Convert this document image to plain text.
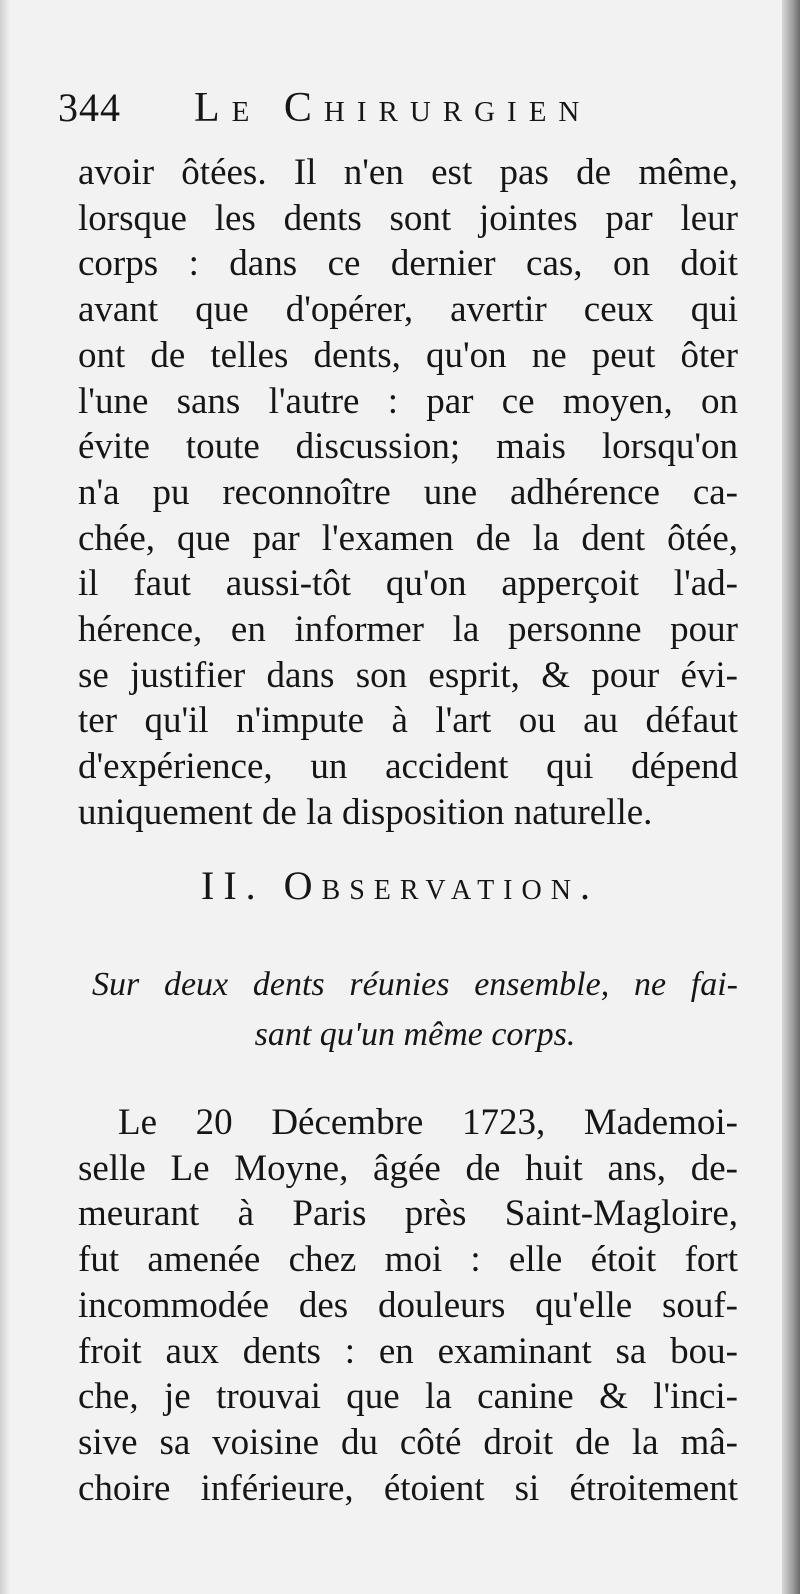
344 Le Chirurgien
avoir ôtées. Il n'en est pas de même,
lorsque les dents sont jointes par leur
corps : dans ce dernier cas, on doit
avant que d'opérer, avertir ceux qui
ont de telles dents, qu'on ne peut ôter
l'une sans l'autre : par ce moyen, on
évite toute discussion; mais lorsqu'on
n'a pu reconnoître une adhérence ca-
chée, que par l'examen de la dent ôtée,
il faut aussi-tôt qu'on apperçoit l'ad-
hérence, en informer la personne pour
se justifier dans son esprit, & pour évi-
ter qu'il n'impute à l'art ou au défaut
d'expérience, un accident qui dépend
uniquement de la disposition naturelle.
II. Observation.
Sur deux dents réunies ensemble, ne fai-
sant qu'un même corps.
Le 20 Décembre 1723, Mademoi-
selle Le Moyne, âgée de huit ans, de-
meurant à Paris près Saint-Magloire,
fut amenée chez moi : elle étoit fort
incommodée des douleurs qu'elle souf-
froit aux dents : en examinant sa bou-
che, je trouvai que la canine & l'inci-
sive sa voisine du côté droit de la mâ-
choire inférieure, étoient si étroitement
